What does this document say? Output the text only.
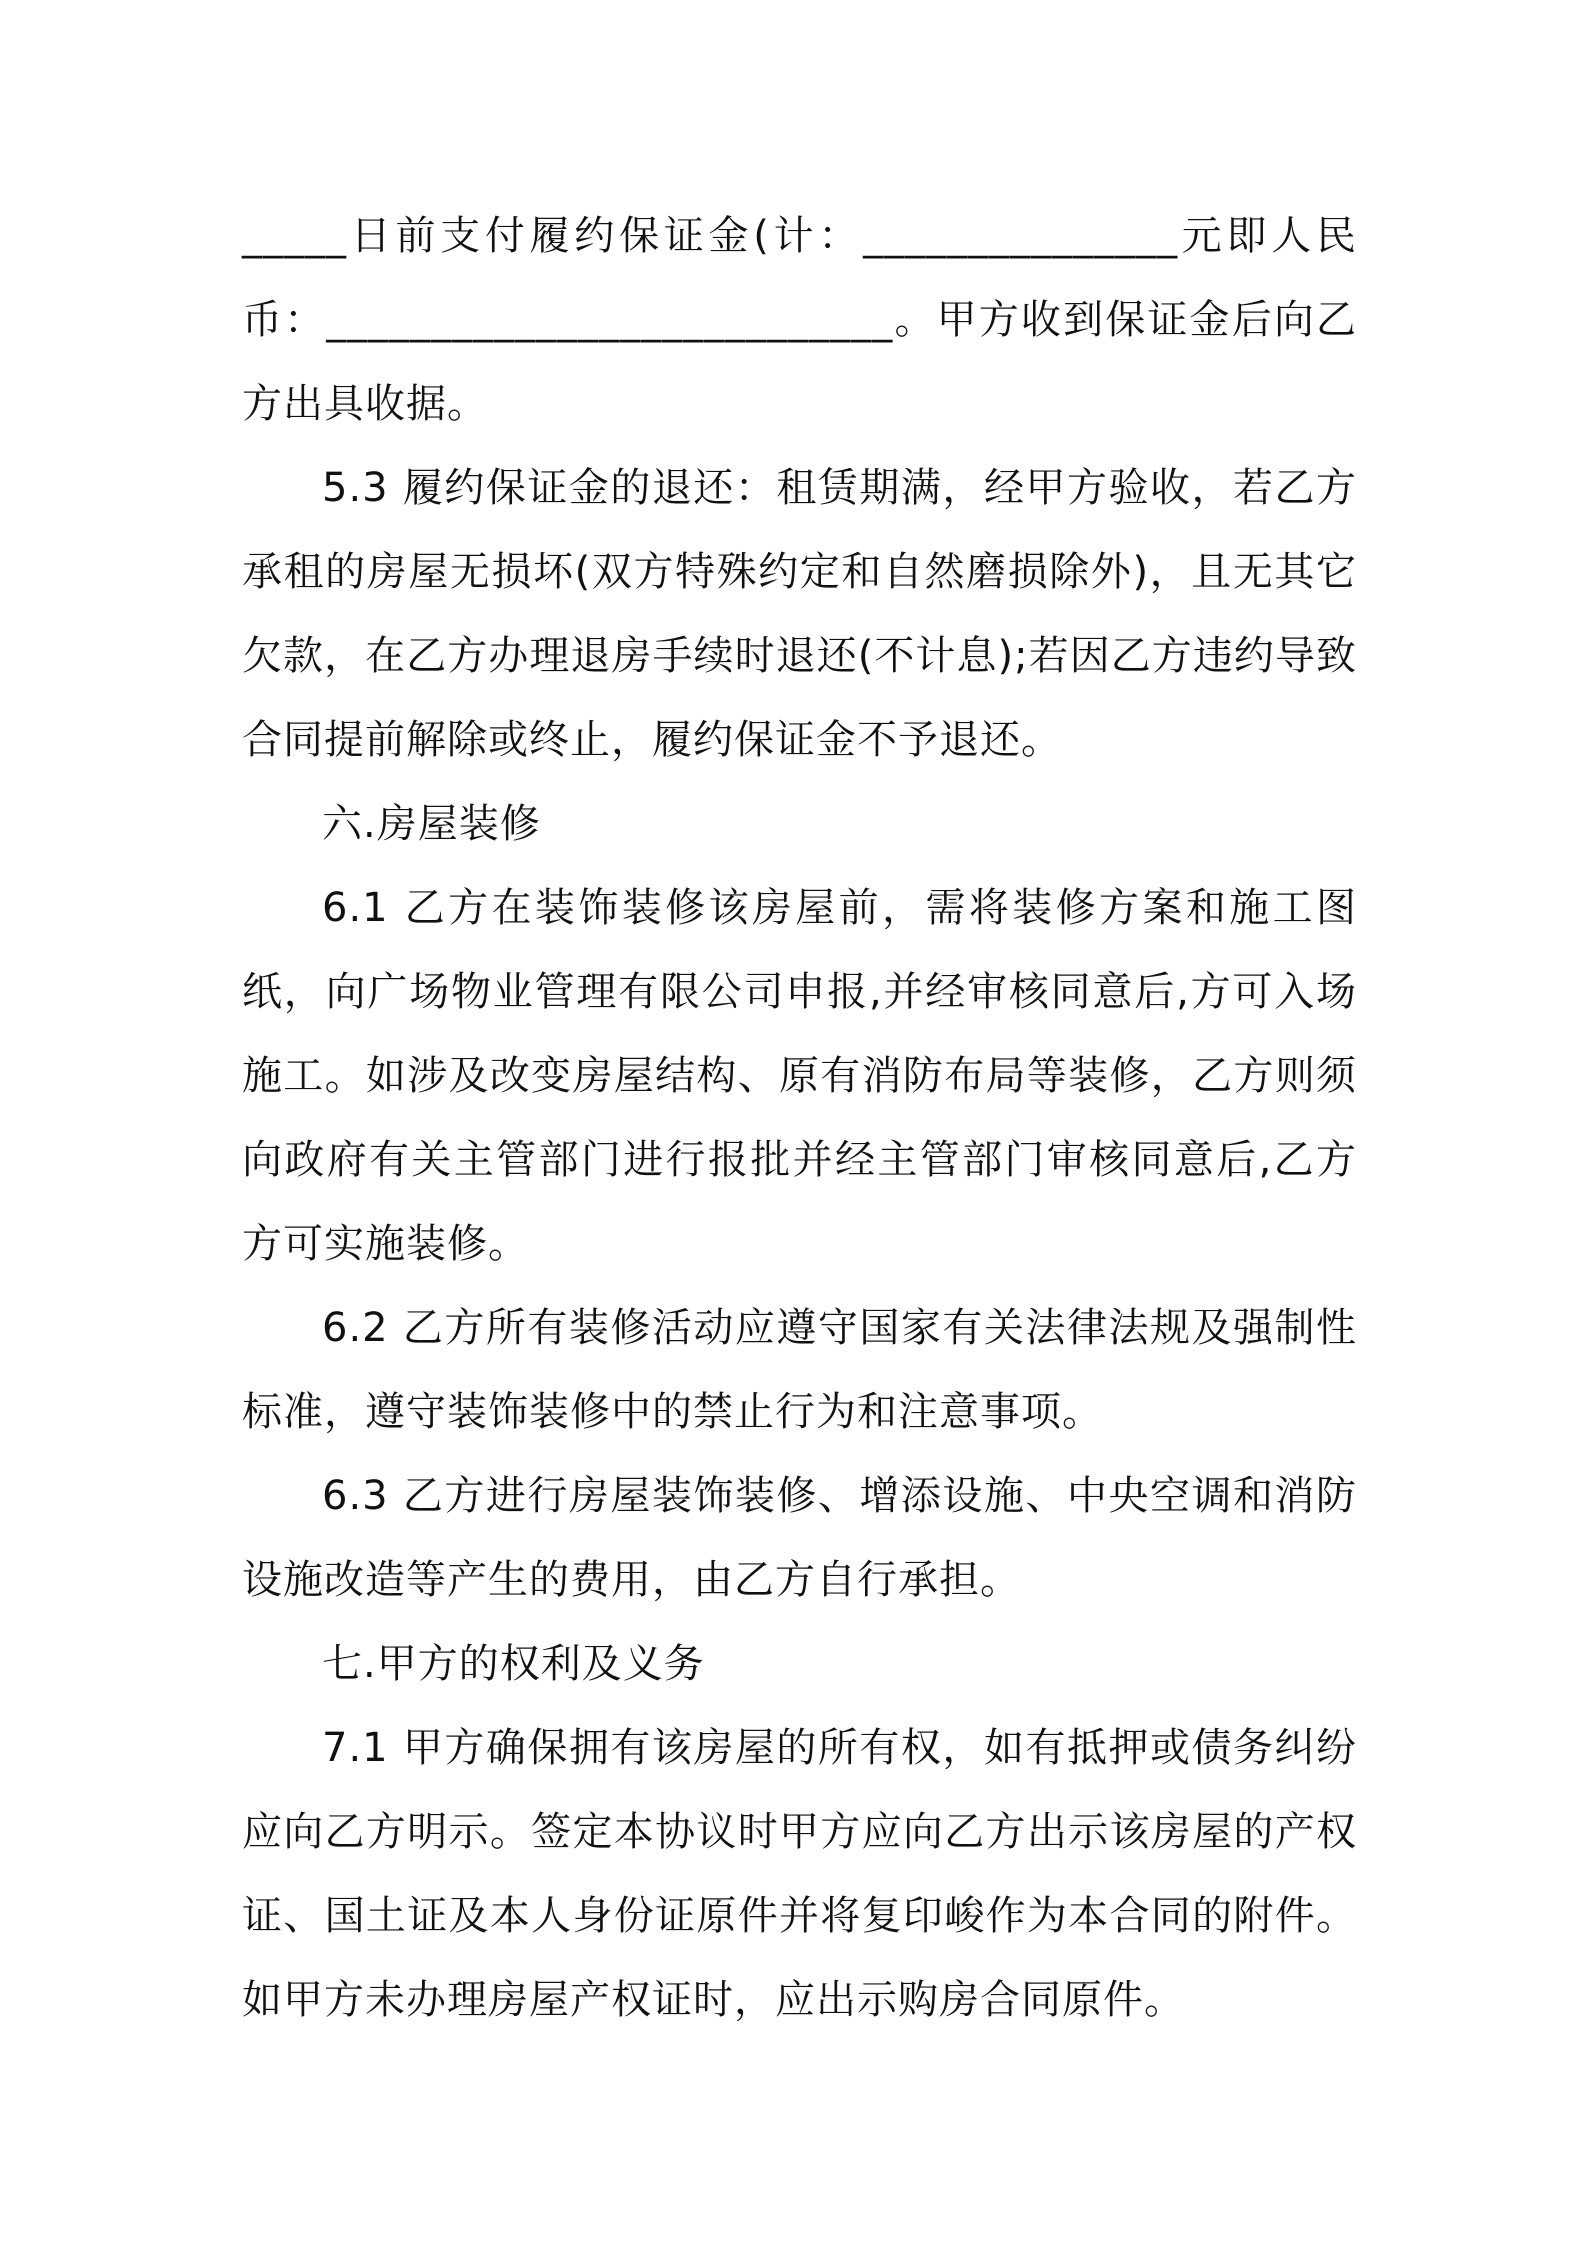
_____日前支付履约保证金(计：_______________元即人民币：___________________________。甲方收到保证金后向乙方出具收据。

5.3 履约保证金的退还：租赁期满，经甲方验收，若乙方承租的房屋无损坏(双方特殊约定和自然磨损除外)，且无其它欠款，在乙方办理退房手续时退还(不计息);若因乙方违约导致合同提前解除或终止，履约保证金不予退还。

六.房屋装修

6.1 乙方在装饰装修该房屋前，需将装修方案和施工图纸，向广场物业管理有限公司申报,并经审核同意后,方可入场施工。如涉及改变房屋结构、原有消防布局等装修，乙方则须向政府有关主管部门进行报批并经主管部门审核同意后,乙方方可实施装修。

6.2 乙方所有装修活动应遵守国家有关法律法规及强制性标准，遵守装饰装修中的禁止行为和注意事项。

6.3 乙方进行房屋装饰装修、增添设施、中央空调和消防设施改造等产生的费用，由乙方自行承担。

七.甲方的权利及义务

7.1 甲方确保拥有该房屋的所有权，如有抵押或债务纠纷应向乙方明示。签定本协议时甲方应向乙方出示该房屋的产权证、国土证及本人身份证原件并将复印峻作为本合同的附件。如甲方未办理房屋产权证时，应出示购房合同原件。
